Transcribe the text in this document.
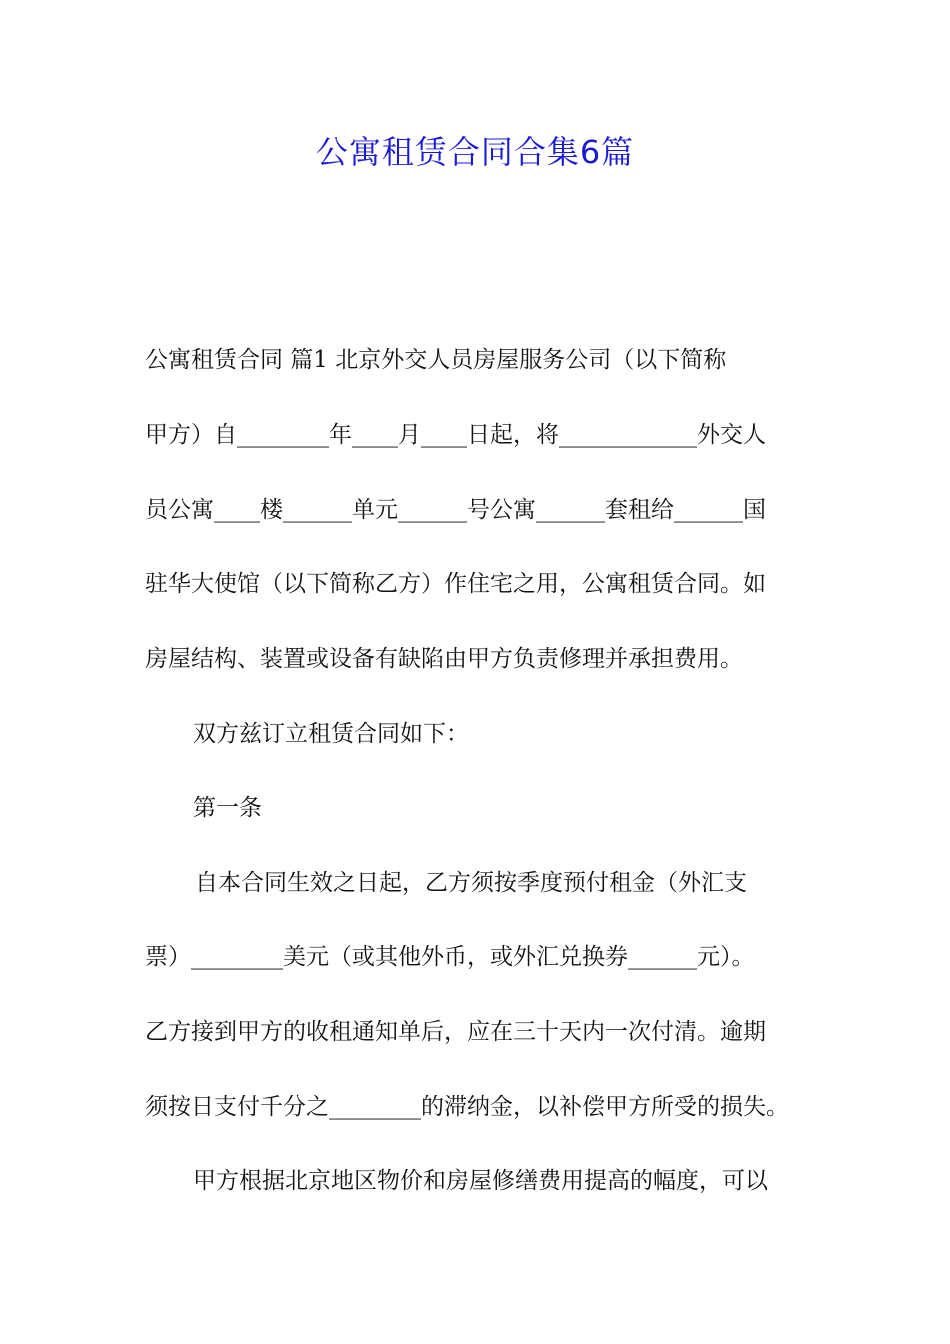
公寓租赁合同合集6篇
公寓租赁合同 篇1 北京外交人员房屋服务公司（以下简称
甲方）自________年____月____日起，将____________外交人
员公寓____楼______单元______号公寓______套租给______国
驻华大使馆（以下简称乙方）作住宅之用，公寓租赁合同。如
房屋结构、装置或设备有缺陷由甲方负责修理并承担费用。
双方兹订立租赁合同如下：
第一条
自本合同生效之日起，乙方须按季度预付租金（外汇支
票）________美元（或其他外币，或外汇兑换券______元）。
乙方接到甲方的收租通知单后，应在三十天内一次付清。逾期
须按日支付千分之________的滞纳金，以补偿甲方所受的损失。
甲方根据北京地区物价和房屋修缮费用提高的幅度，可以
